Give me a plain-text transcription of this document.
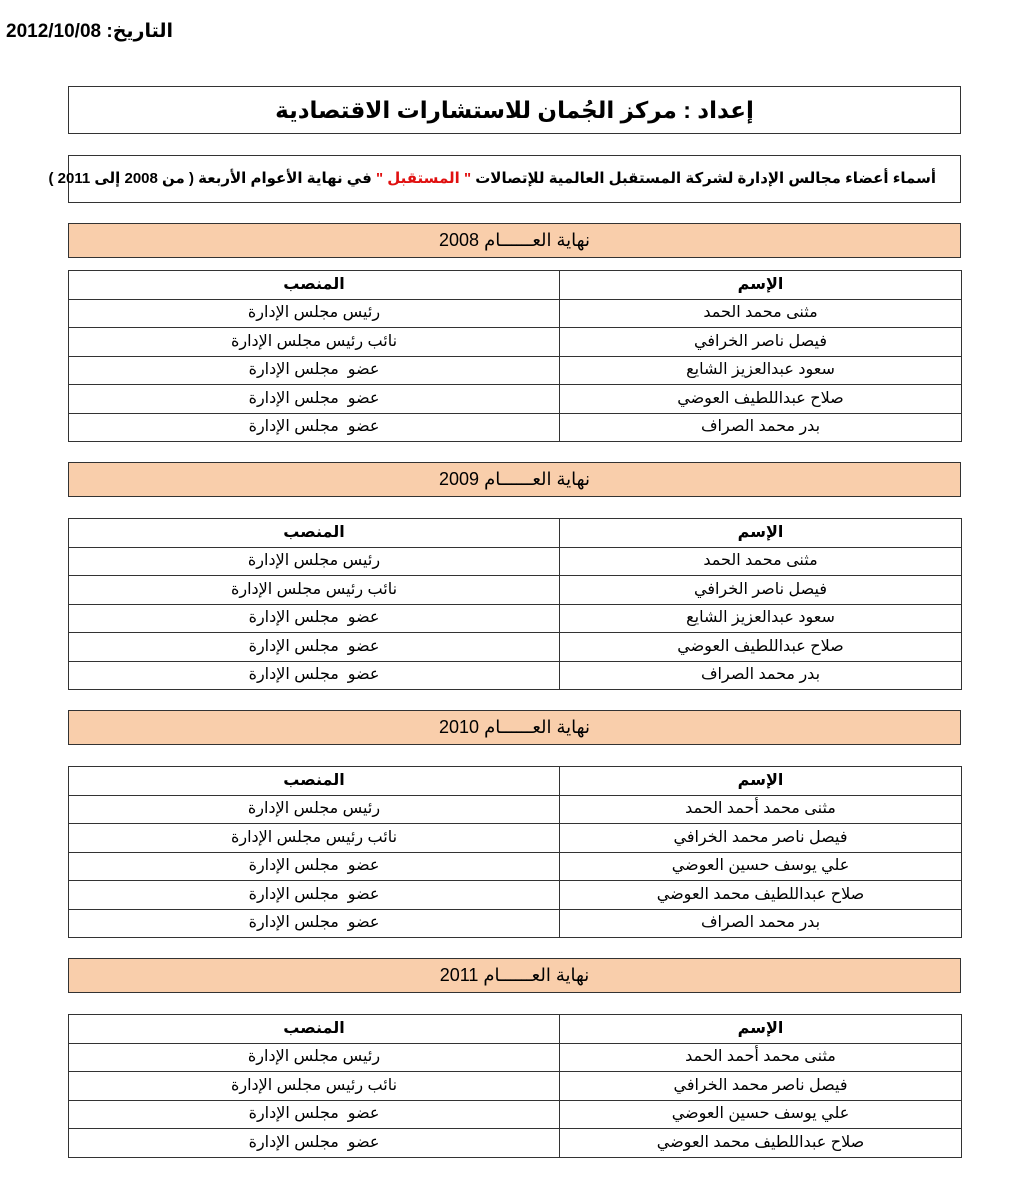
التاريخ: 2012/10/08
إعداد : مركز الجُمان للاستشارات الاقتصادية
أسماء أعضاء مجالس الإدارة لشركة المستقبل العالمية للإتصالات " المستقبل " في نهاية الأعوام الأربعة ( من 2008 إلى 2011 )
نهاية العــــــام 2008
الإسم	المنصب
مثنى محمد الحمد	رئيس مجلس الإدارة
فيصل ناصر الخرافي	نائب رئيس مجلس الإدارة
سعود عبدالعزيز الشايع	عضو  مجلس الإدارة
صلاح عبداللطيف العوضي	عضو  مجلس الإدارة
بدر محمد الصراف	عضو  مجلس الإدارة
نهاية العــــــام 2009
الإسم	المنصب
مثنى محمد الحمد	رئيس مجلس الإدارة
فيصل ناصر الخرافي	نائب رئيس مجلس الإدارة
سعود عبدالعزيز الشايع	عضو  مجلس الإدارة
صلاح عبداللطيف العوضي	عضو  مجلس الإدارة
بدر محمد الصراف	عضو  مجلس الإدارة
نهاية العــــــام 2010
الإسم	المنصب
مثنى محمد أحمد الحمد	رئيس مجلس الإدارة
فيصل ناصر محمد الخرافي	نائب رئيس مجلس الإدارة
علي يوسف حسين العوضي	عضو  مجلس الإدارة
صلاح عبداللطيف محمد العوضي	عضو  مجلس الإدارة
بدر محمد الصراف	عضو  مجلس الإدارة
نهاية العــــــام 2011
الإسم	المنصب
مثنى محمد أحمد الحمد	رئيس مجلس الإدارة
فيصل ناصر محمد الخرافي	نائب رئيس مجلس الإدارة
علي يوسف حسين العوضي	عضو  مجلس الإدارة
صلاح عبداللطيف محمد العوضي	عضو  مجلس الإدارة
